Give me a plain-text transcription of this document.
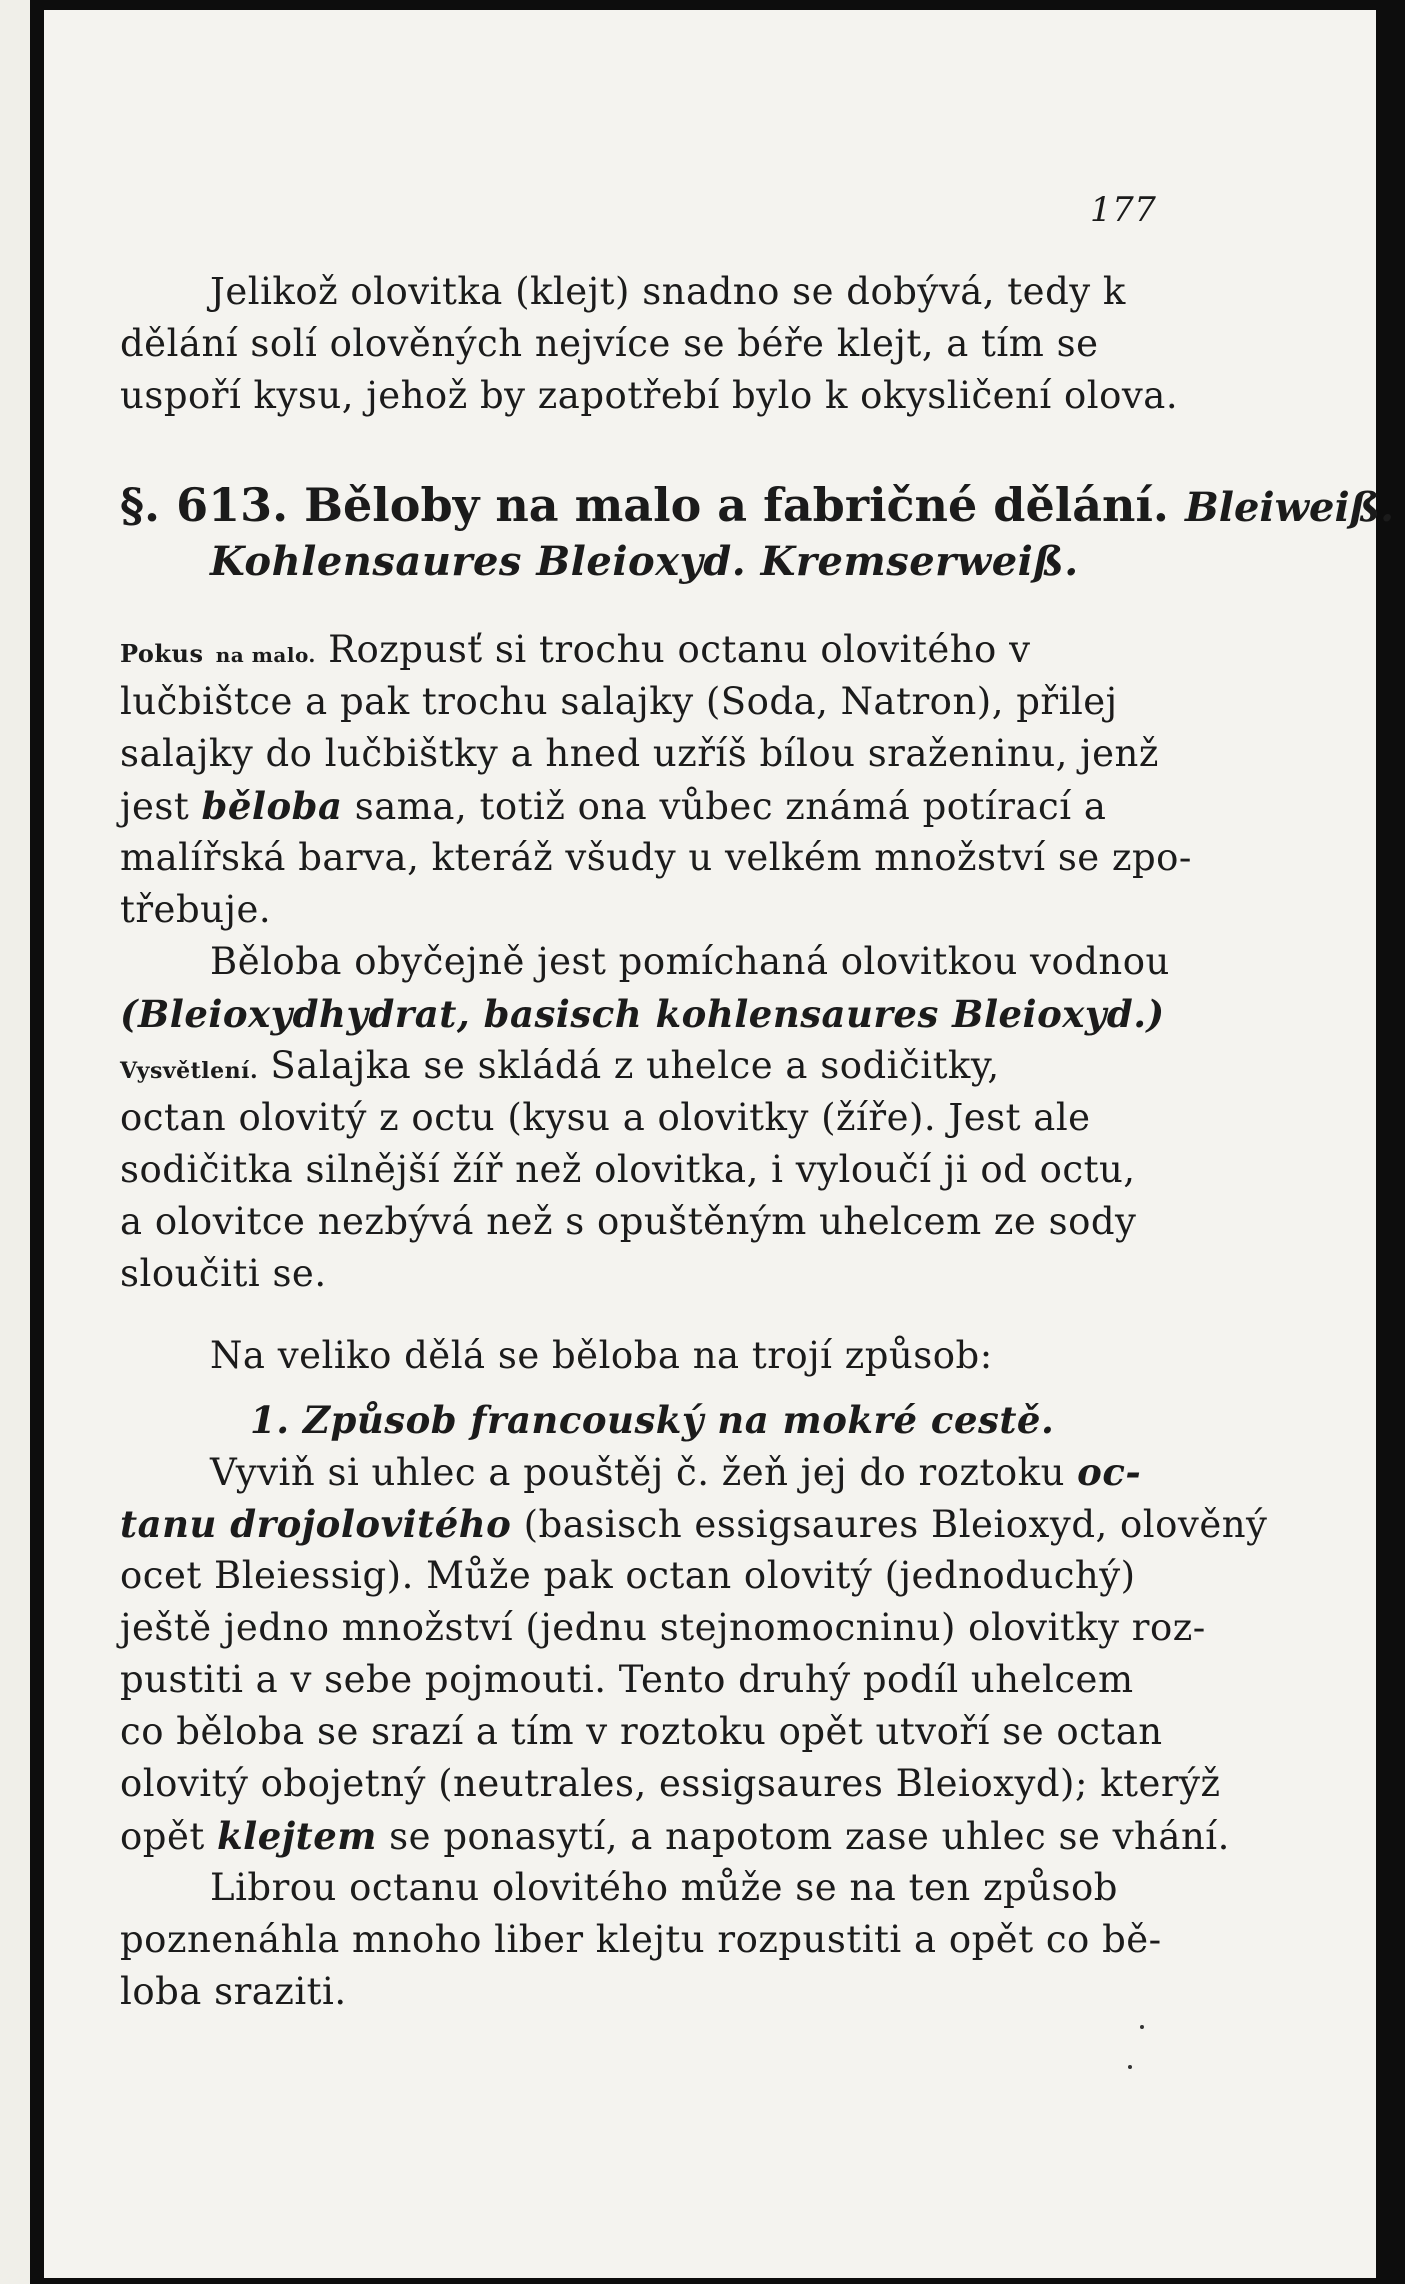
177
Jelikož olovitka (klejt) snadno se dobývá, tedy k
dělání solí olověných nejvíce se béře klejt, a tím se
uspoří kysu, jehož by zapotřebí bylo k okysličení olova.
§. 613. Běloby na malo a fabričné dělání. Bleiweiß.
Kohlensaures Bleioxyd. Kremserweiß.
Pokus na malo. Rozpusť si trochu octanu olovitého v
lučbištce a pak trochu salajky (Soda, Natron), přilej
salajky do lučbištky a hned uzříš bílou sraženinu, jenž
jest běloba sama, totiž ona vůbec známá potírací a
malířská barva, kteráž všudy u velkém množství se zpo-
třebuje.
Běloba obyčejně jest pomíchaná olovitkou vodnou
(Bleioxydhydrat, basisch kohlensaures Bleioxyd.)
Vysvětlení. Salajka se skládá z uhelce a sodičitky,
octan olovitý z octu (kysu a olovitky (žíře). Jest ale
sodičitka silnější žíř než olovitka, i vyloučí ji od octu,
a olovitce nezbývá než s opuštěným uhelcem ze sody
sloučiti se.
Na veliko dělá se běloba na trojí způsob:
1. Způsob francouský na mokré cestě.
Vyviň si uhlec a pouštěj č. žeň jej do roztoku oc-
tanu drojolovitého (basisch essigsaures Bleioxyd, olověný
ocet Bleiessig). Může pak octan olovitý (jednoduchý)
ještě jedno množství (jednu stejnomocninu) olovitky roz-
pustiti a v sebe pojmouti. Tento druhý podíl uhelcem
co běloba se srazí a tím v roztoku opět utvoří se octan
olovitý obojetný (neutrales, essigsaures Bleioxyd); kterýž
opět klejtem se ponasytí, a napotom zase uhlec se vhání.
Librou octanu olovitého může se na ten způsob
poznenáhla mnoho liber klejtu rozpustiti a opět co bě-
loba sraziti.
